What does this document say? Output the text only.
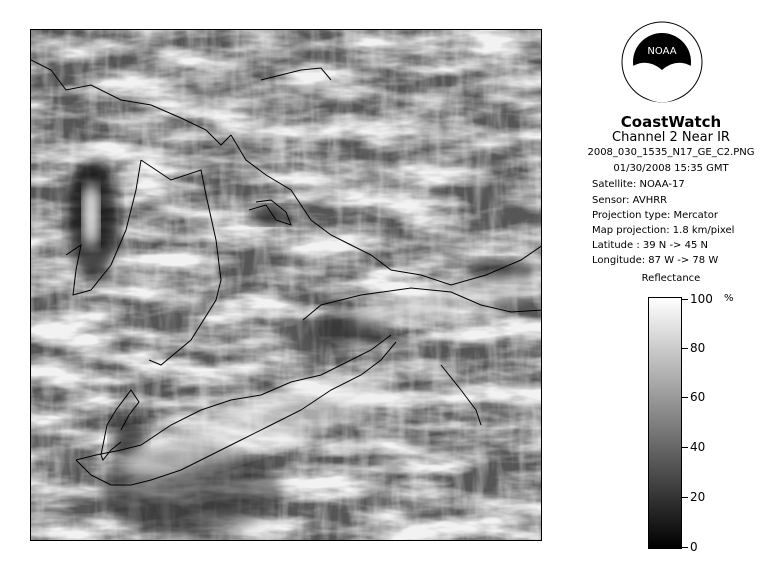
NOAA
CoastWatch
Channel 2 Near IR
2008_030_1535_N17_GE_C2.PNG
01/30/2008 15:35 GMT
Satellite: NOAA-17
Sensor: AVHRR
Projection type: Mercator
Map projection: 1.8 km/pixel
Latitude : 39 N -> 45 N
Longitude: 87 W -> 78 W
Reflectance
%
100
80
60
40
20
0
